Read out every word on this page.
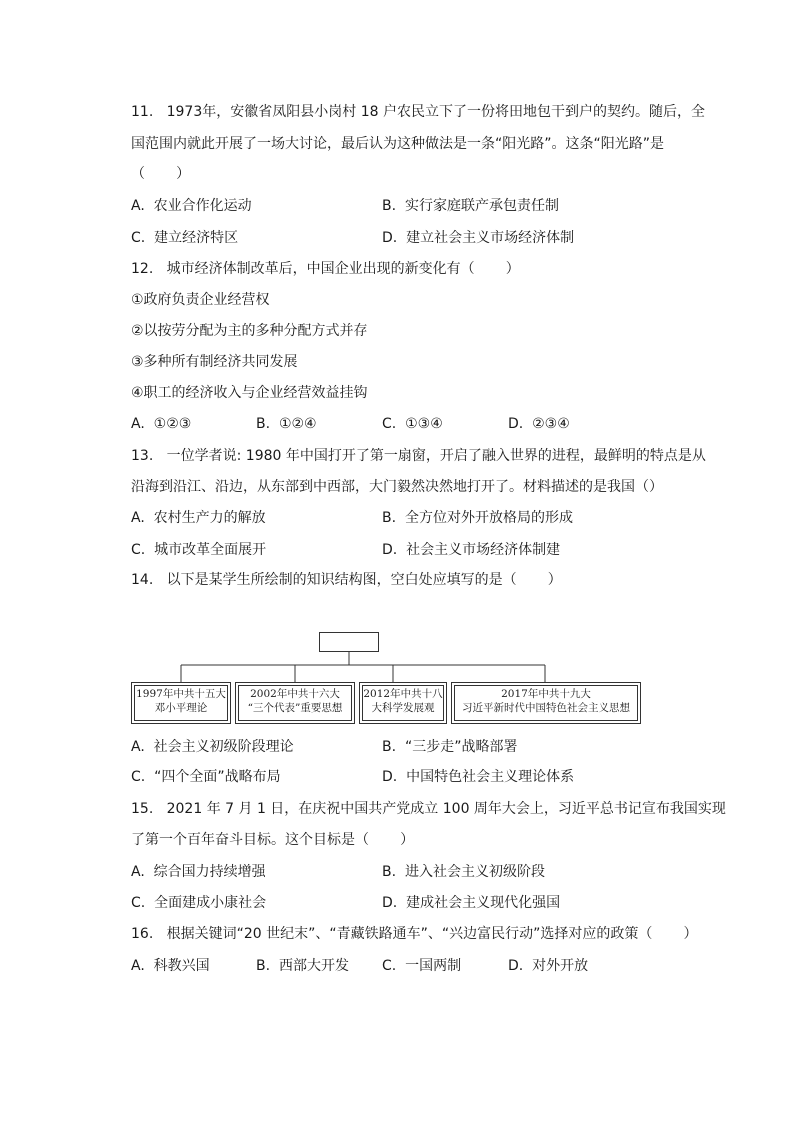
11.   1973年，安徽省凤阳县小岗村 18 户农民立下了一份将田地包干到户的契约。随后，全
国范围内就此开展了一场大讨论，最后认为这种做法是一条“阳光路”。这条“阳光路”是
（       ）
A.  农业合作化运动	B.  实行家庭联产承包责任制
C.  建立经济特区	D.  建立社会主义市场经济体制
12.   城市经济体制改革后，中国企业出现的新变化有（       ）
①政府负责企业经营权
②以按劳分配为主的多种分配方式并存
③多种所有制经济共同发展
④职工的经济收入与企业经营效益挂钩
A.  ①②③	B.  ①②④	C.  ①③④	D.  ②③④
13.   一位学者说: 1980 年中国打开了第一扇窗，开启了融入世界的进程，最鲜明的特点是从
沿海到沿江、沿边，从东部到中西部，大门毅然决然地打开了。材料描述的是我国（）
A.  农村生产力的解放	B.  全方位对外开放格局的形成
C.  城市改革全面展开	D.  社会主义市场经济体制建
14.   以下是某学生所绘制的知识结构图，空白处应填写的是（       ）
1997年中共十五大
邓小平理论
2002年中共十六大
“三个代表”重要思想
2012年中共十八
大科学发展观
2017年中共十九大
习近平新时代中国特色社会主义思想
A.  社会主义初级阶段理论	B.  “三步走”战略部署
C.  “四个全面”战略布局	D.  中国特色社会主义理论体系
15.   2021 年 7 月 1 日，在庆祝中国共产党成立 100 周年大会上，习近平总书记宣布我国实现
了第一个百年奋斗目标。这个目标是（       ）
A.  综合国力持续增强	B.  进入社会主义初级阶段
C.  全面建成小康社会	D.  建成社会主义现代化强国
16.   根据关键词“20 世纪末”、“青藏铁路通车”、“兴边富民行动”选择对应的政策（       ）
A.  科教兴国	B.  西部大开发 C.  一国两制	D.  对外开放
